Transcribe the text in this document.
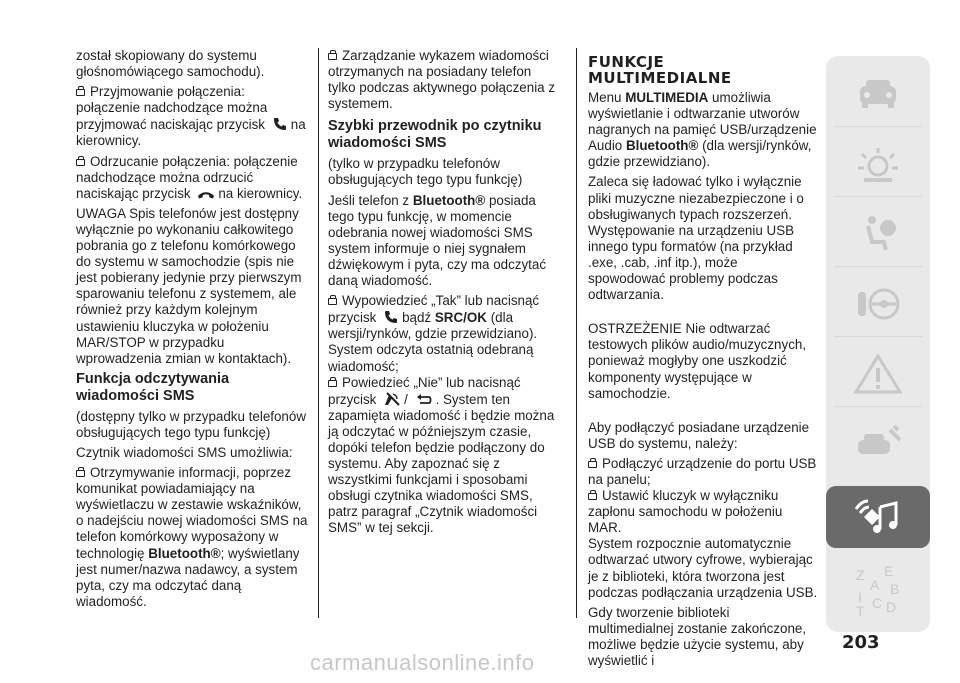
został skopiowany do systemu głośnomówiącego samochodu).

Przyjmowanie połączenia: połączenie nadchodzące można przyjmować naciskając przycisk na kierownicy.

Odrzucanie połączenia: połączenie nadchodzące można odrzucić naciskając przycisk na kierownicy.

UWAGA Spis telefonów jest dostępny wyłącznie po wykonaniu całkowitego pobrania go z telefonu komórkowego do systemu w samochodzie (spis nie jest pobierany jedynie przy pierwszym sparowaniu telefonu z systemem, ale również przy każdym kolejnym ustawieniu kluczyka w położeniu MAR/STOP w przypadku wprowadzenia zmian w kontaktach).

Funkcja odczytywania wiadomości SMS

(dostępny tylko w przypadku telefonów obsługujących tego typu funkcję)

Czytnik wiadomości SMS umożliwia:

Otrzymywanie informacji, poprzez komunikat powiadamiający na wyświetlaczu w zestawie wskaźników, o nadejściu nowej wiadomości SMS na telefon komórkowy wyposażony w technologię Bluetooth®; wyświetlany jest numer/nazwa nadawcy, a system pyta, czy ma odczytać daną wiadomość.

Zarządzanie wykazem wiadomości otrzymanych na posiadany telefon tylko podczas aktywnego połączenia z systemem.

Szybki przewodnik po czytniku wiadomości SMS

(tylko w przypadku telefonów obsługujących tego typu funkcję)

Jeśli telefon z Bluetooth® posiada tego typu funkcję, w momencie odebrania nowej wiadomości SMS system informuje o niej sygnałem dźwiękowym i pyta, czy ma odczytać daną wiadomość.

Wypowiedzieć „Tak” lub nacisnąć przycisk bądź SRC/OK (dla wersji/rynków, gdzie przewidziano). System odczyta ostatnią odebraną wiadomość;

Powiedzieć „Nie” lub nacisnąć przycisk / . System ten zapamięta wiadomość i będzie można ją odczytać w późniejszym czasie, dopóki telefon będzie podłączony do systemu. Aby zapoznać się z wszystkimi funkcjami i sposobami obsługi czytnika wiadomości SMS, patrz paragraf „Czytnik wiadomości SMS” w tej sekcji.

FUNKCJE MULTIMEDIALNE

Menu MULTIMEDIA umożliwia wyświetlanie i odtwarzanie utworów nagranych na pamięć USB/urządzenie Audio Bluetooth® (dla wersji/rynków, gdzie przewidziano).

Zaleca się ładować tylko i wyłącznie pliki muzyczne niezabezpieczone i o obsługiwanych typach rozszerzeń. Występowanie na urządzeniu USB innego typu formatów (na przykład .exe, .cab, .inf itp.), może spowodować problemy podczas odtwarzania.

OSTRZEŻENIE Nie odtwarzać testowych plików audio/muzycznych, ponieważ mogłyby one uszkodzić komponenty występujące w samochodzie.

Aby podłączyć posiadane urządzenie USB do systemu, należy:

Podłączyć urządzenie do portu USB na panelu;

Ustawić kluczyk w wyłączniku zapłonu samochodu w położeniu MAR.

System rozpocznie automatycznie odtwarzać utwory cyfrowe, wybierając je z biblioteki, która tworzona jest podczas podłączania urządzenia USB.

Gdy tworzenie biblioteki multimedialnej zostanie zakończone, możliwe będzie użycie systemu, aby wyświetlić i

Z E
A B
I C
T D
203
carmanualsonline.info
